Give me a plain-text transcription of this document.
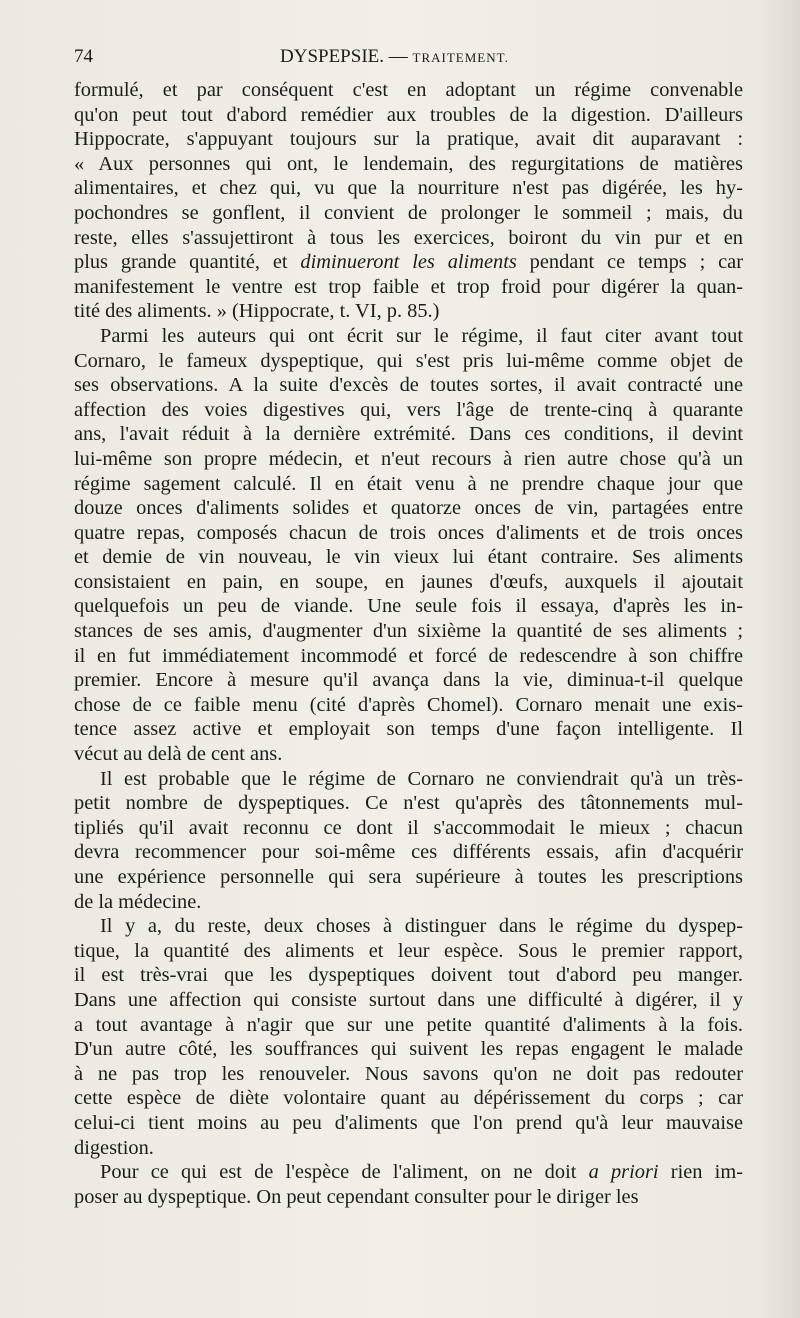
74	DYSPEPSIE. — TRAITEMENT.
formulé, et par conséquent c'est en adoptant un régime convenable
qu'on peut tout d'abord remédier aux troubles de la digestion. D'ailleurs
Hippocrate, s'appuyant toujours sur la pratique, avait dit auparavant :
« Aux personnes qui ont, le lendemain, des regurgitations de matières
alimentaires, et chez qui, vu que la nourriture n'est pas digérée, les hy-
pochondres se gonflent, il convient de prolonger le sommeil ; mais, du
reste, elles s'assujettiront à tous les exercices, boiront du vin pur et en
plus grande quantité, et diminueront les aliments pendant ce temps ; car
manifestement le ventre est trop faible et trop froid pour digérer la quan-
tité des aliments. » (Hippocrate, t. VI, p. 85.)
Parmi les auteurs qui ont écrit sur le régime, il faut citer avant tout
Cornaro, le fameux dyspeptique, qui s'est pris lui-même comme objet de
ses observations. A la suite d'excès de toutes sortes, il avait contracté une
affection des voies digestives qui, vers l'âge de trente-cinq à quarante
ans, l'avait réduit à la dernière extrémité. Dans ces conditions, il devint
lui-même son propre médecin, et n'eut recours à rien autre chose qu'à un
régime sagement calculé. Il en était venu à ne prendre chaque jour que
douze onces d'aliments solides et quatorze onces de vin, partagées entre
quatre repas, composés chacun de trois onces d'aliments et de trois onces
et demie de vin nouveau, le vin vieux lui étant contraire. Ses aliments
consistaient en pain, en soupe, en jaunes d'œufs, auxquels il ajoutait
quelquefois un peu de viande. Une seule fois il essaya, d'après les in-
stances de ses amis, d'augmenter d'un sixième la quantité de ses aliments ;
il en fut immédiatement incommodé et forcé de redescendre à son chiffre
premier. Encore à mesure qu'il avança dans la vie, diminua-t-il quelque
chose de ce faible menu (cité d'après Chomel). Cornaro menait une exis-
tence assez active et employait son temps d'une façon intelligente. Il
vécut au delà de cent ans.
Il est probable que le régime de Cornaro ne conviendrait qu'à un très-
petit nombre de dyspeptiques. Ce n'est qu'après des tâtonnements mul-
tipliés qu'il avait reconnu ce dont il s'accommodait le mieux ; chacun
devra recommencer pour soi-même ces différents essais, afin d'acquérir
une expérience personnelle qui sera supérieure à toutes les prescriptions
de la médecine.
Il y a, du reste, deux choses à distinguer dans le régime du dyspep-
tique, la quantité des aliments et leur espèce. Sous le premier rapport,
il est très-vrai que les dyspeptiques doivent tout d'abord peu manger.
Dans une affection qui consiste surtout dans une difficulté à digérer, il y
a tout avantage à n'agir que sur une petite quantité d'aliments à la fois.
D'un autre côté, les souffrances qui suivent les repas engagent le malade
à ne pas trop les renouveler. Nous savons qu'on ne doit pas redouter
cette espèce de diète volontaire quant au dépérissement du corps ; car
celui-ci tient moins au peu d'aliments que l'on prend qu'à leur mauvaise
digestion.
Pour ce qui est de l'espèce de l'aliment, on ne doit a priori rien im-
poser au dyspeptique. On peut cependant consulter pour le diriger les
